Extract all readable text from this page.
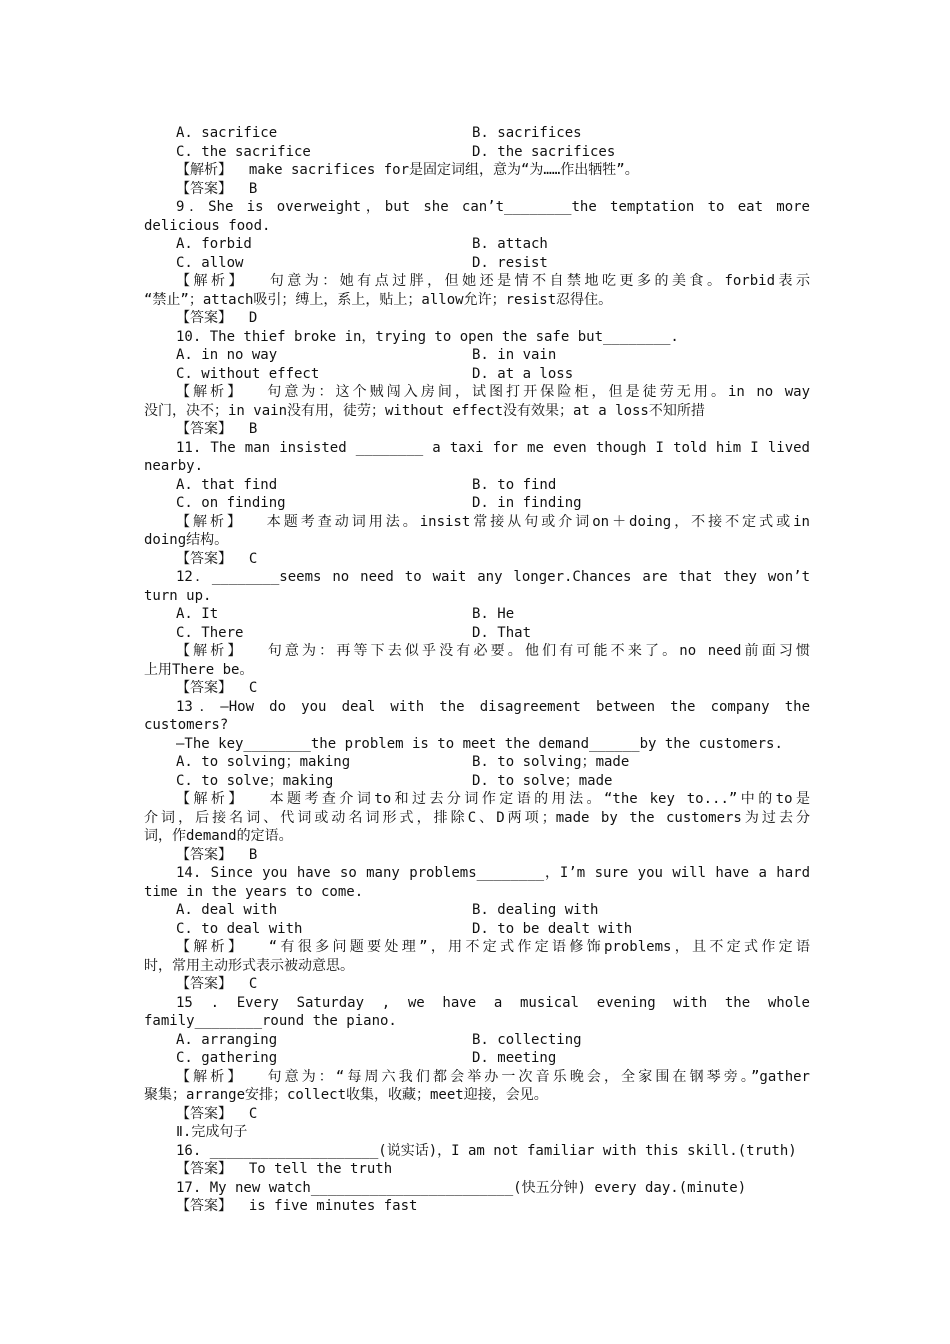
A. sacrifice	B. sacrifices
C. the sacrifice	D. the sacrifices
【解析】  make sacrifices for是固定词组，意为“为……作出牺牲”。
【答案】  B
9．She is overweight，but she can’t________the temptation to eat more
delicious food.
A. forbid	B. attach
C. allow	D. resist
【解析】  句意为：她有点过胖，但她还是情不自禁地吃更多的美食。forbid表示
“禁止”；attach吸引；缚上，系上，贴上；allow允许；resist忍得住。
【答案】  D
10. The thief broke in，trying to open the safe but________.
A. in no way	B. in vain
C. without effect	D. at a loss
【解析】  句意为：这个贼闯入房间，试图打开保险柜，但是徒劳无用。in no way
没门，决不；in vain没有用，徒劳；without effect没有效果；at a loss不知所措
【答案】  B
11. The man insisted ________ a taxi for me even though I told him I lived
nearby.
A. that find	B. to find
C. on finding	D. in finding
【解析】  本题考查动词用法。insist常接从句或介词on＋doing，不接不定式或in
doing结构。
【答案】  C
12．________seems no need to wait any longer.Chances are that they won’t
turn up.
A. It	B. He
C. There	D. That
【解析】  句意为：再等下去似乎没有必要。他们有可能不来了。no need前面习惯
上用There be。
【答案】  C
13．—How do you deal with the disagreement between the company the
customers?
—The key________the problem is to meet the demand______by the customers.
A. to solving；making	B. to solving；made
C. to solve；making	D. to solve；made
【解析】  本题考查介词to和过去分词作定语的用法。“the key to...”中的to是
介词，后接名词、代词或动名词形式，排除C、D两项；made by the customers为过去分
词，作demand的定语。
【答案】  B
14. Since you have so many problems________，I’m sure you will have a hard
time in the years to come.
A. deal with	B. dealing with
C. to deal with	D. to be dealt with
【解析】  “有很多问题要处理”，用不定式作定语修饰problems，且不定式作定语
时，常用主动形式表示被动意思。
【答案】  C
15 . Every Saturday , we have a musical evening with the whole
family________round the piano.
A. arranging	B. collecting
C. gathering	D. meeting
【解析】  句意为：“每周六我们都会举办一次音乐晚会，全家围在钢琴旁。”gather
聚集；arrange安排；collect收集，收藏；meet迎接，会见。
【答案】  C
Ⅱ.完成句子
16. ____________________(说实话)，I am not familiar with this skill.(truth)
【答案】  To tell the truth
17. My new watch________________________(快五分钟) every day.(minute)
【答案】  is five minutes fast
